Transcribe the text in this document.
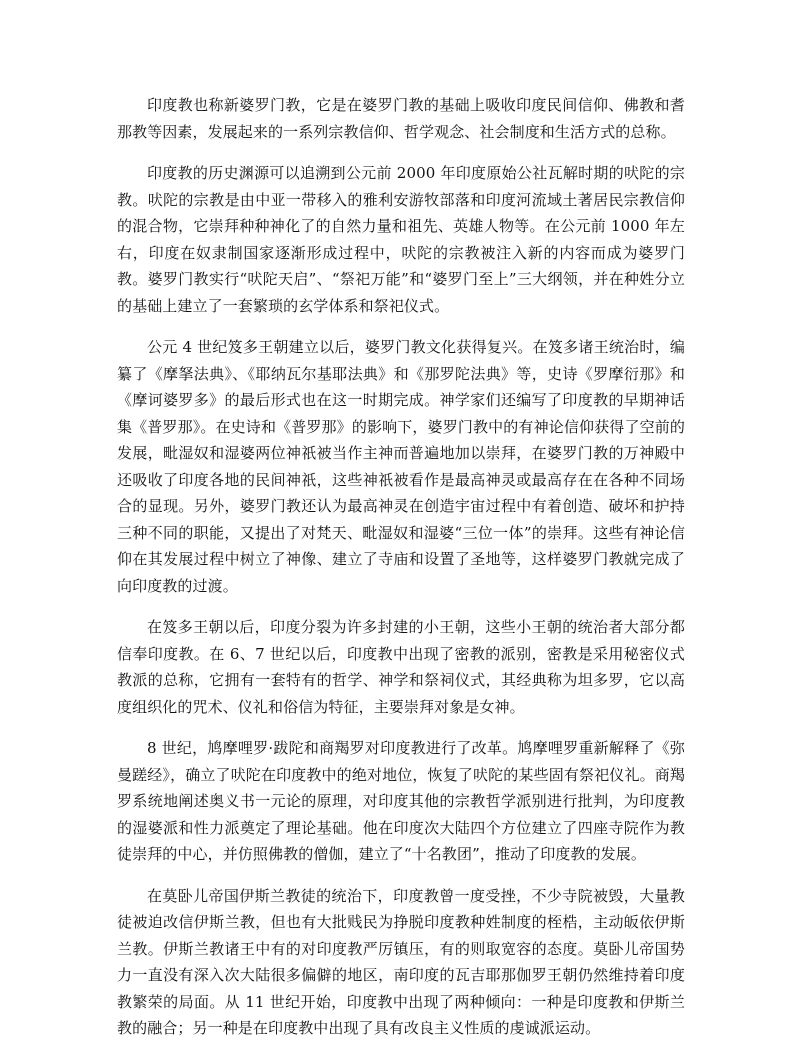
印度教也称新婆罗门教，它是在婆罗门教的基础上吸收印度民间信仰、佛教和耆那教等因素，发展起来的一系列宗教信仰、哲学观念、社会制度和生活方式的总称。

印度教的历史渊源可以追溯到公元前 2000 年印度原始公社瓦解时期的吠陀的宗教。吠陀的宗教是由中亚一带移入的雅利安游牧部落和印度河流域土著居民宗教信仰的混合物，它崇拜种种神化了的自然力量和祖先、英雄人物等。在公元前 1000 年左右，印度在奴隶制国家逐渐形成过程中，吠陀的宗教被注入新的内容而成为婆罗门教。婆罗门教实行“吠陀天启”、“祭祀万能”和“婆罗门至上”三大纲领，并在种姓分立的基础上建立了一套繁琐的玄学体系和祭祀仪式。

公元 4 世纪笈多王朝建立以后，婆罗门教文化获得复兴。在笈多诸王统治时，编纂了《摩拏法典》、《耶纳瓦尔基耶法典》和《那罗陀法典》等，史诗《罗摩衍那》和《摩诃婆罗多》的最后形式也在这一时期完成。神学家们还编写了印度教的早期神话集《普罗那》。在史诗和《普罗那》的影响下，婆罗门教中的有神论信仰获得了空前的发展，毗湿奴和湿婆两位神祇被当作主神而普遍地加以崇拜，在婆罗门教的万神殿中还吸收了印度各地的民间神祇，这些神祇被看作是最高神灵或最高存在在各种不同场合的显现。另外，婆罗门教还认为最高神灵在创造宇宙过程中有着创造、破坏和护持三种不同的职能，又提出了对梵天、毗湿奴和湿婆“三位一体”的崇拜。这些有神论信仰在其发展过程中树立了神像、建立了寺庙和设置了圣地等，这样婆罗门教就完成了向印度教的过渡。

在笈多王朝以后，印度分裂为许多封建的小王朝，这些小王朝的统治者大部分都信奉印度教。在 6、7 世纪以后，印度教中出现了密教的派别，密教是采用秘密仪式教派的总称，它拥有一套特有的哲学、神学和祭祠仪式，其经典称为坦多罗，它以高度组织化的咒术、仪礼和俗信为特征，主要崇拜对象是女神。

8 世纪，鸠摩哩罗·跋陀和商羯罗对印度教进行了改革。鸠摩哩罗重新解释了《弥曼蹉经》，确立了吠陀在印度教中的绝对地位，恢复了吠陀的某些固有祭祀仪礼。商羯罗系统地阐述奥义书一元论的原理，对印度其他的宗教哲学派别进行批判，为印度教的湿婆派和性力派奠定了理论基础。他在印度次大陆四个方位建立了四座寺院作为教徒崇拜的中心，并仿照佛教的僧伽，建立了“十名教团”，推动了印度教的发展。

在莫卧儿帝国伊斯兰教徒的统治下，印度教曾一度受挫，不少寺院被毁，大量教徒被迫改信伊斯兰教，但也有大批贱民为挣脱印度教种姓制度的桎梏，主动皈依伊斯兰教。伊斯兰教诸王中有的对印度教严厉镇压，有的则取宽容的态度。莫卧儿帝国势力一直没有深入次大陆很多偏僻的地区，南印度的瓦吉耶那伽罗王朝仍然维持着印度教繁荣的局面。从 11 世纪开始，印度教中出现了两种倾向：一种是印度教和伊斯兰教的融合；另一种是在印度教中出现了具有改良主义性质的虔诚派运动。
